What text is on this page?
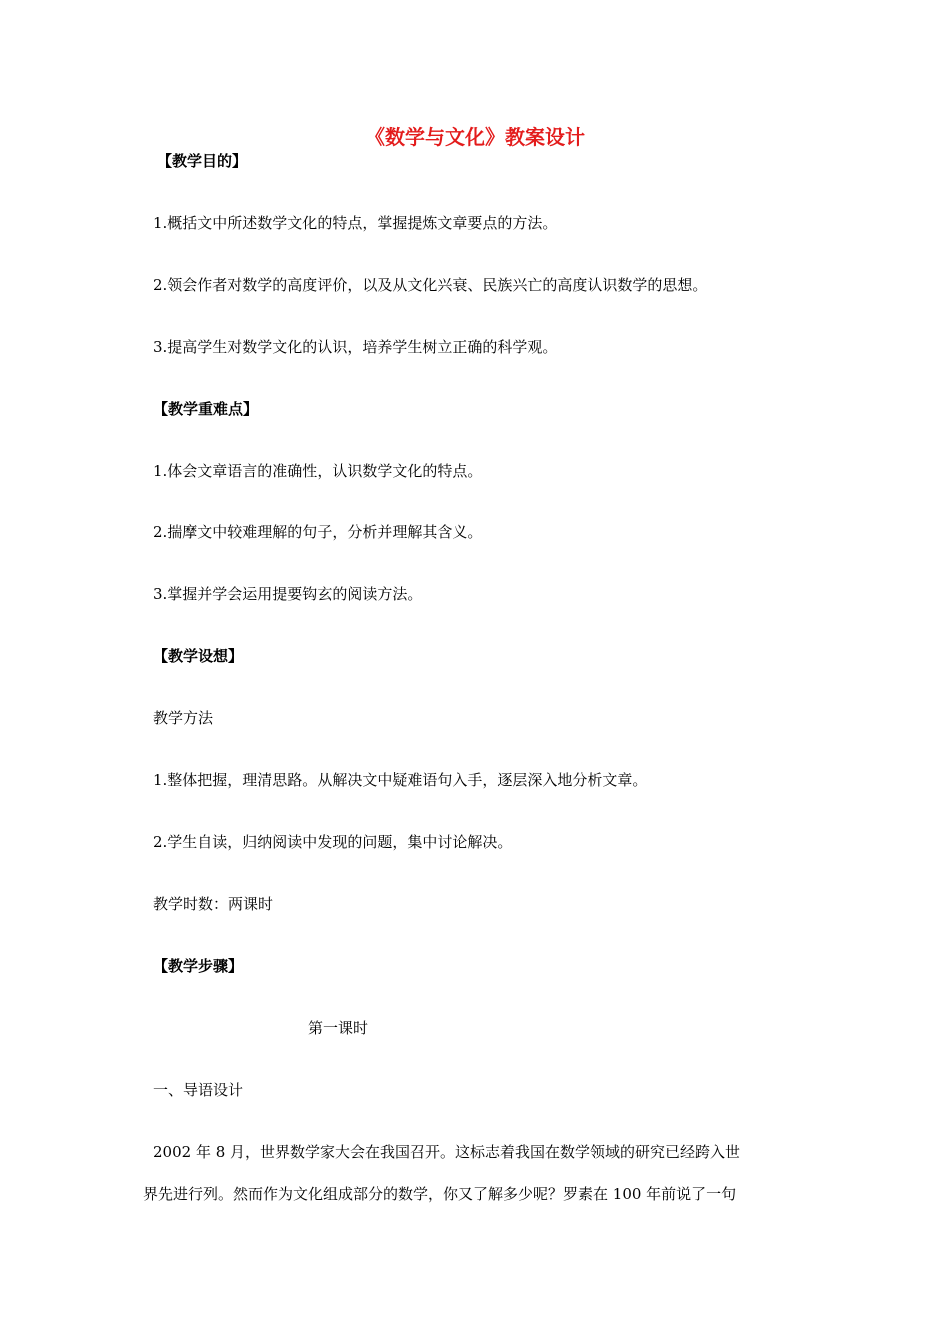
《数学与文化》教案设计
【教学目的】
1.概括文中所述数学文化的特点，掌握提炼文章要点的方法。
2.领会作者对数学的高度评价，以及从文化兴衰、民族兴亡的高度认识数学的思想。
3.提高学生对数学文化的认识，培养学生树立正确的科学观。
【教学重难点】
1.体会文章语言的准确性，认识数学文化的特点。
2.揣摩文中较难理解的句子，分析并理解其含义。
3.掌握并学会运用提要钩玄的阅读方法。
【教学设想】
教学方法
1.整体把握，理清思路。从解决文中疑难语句入手，逐层深入地分析文章。
2.学生自读，归纳阅读中发现的问题，集中讨论解决。
教学时数：两课时
【教学步骤】
第一课时
一、导语设计
2002 年 8 月，世界数学家大会在我国召开。这标志着我国在数学领域的研究已经跨入世
界先进行列。然而作为文化组成部分的数学，你又了解多少呢？罗素在 100 年前说了一句
